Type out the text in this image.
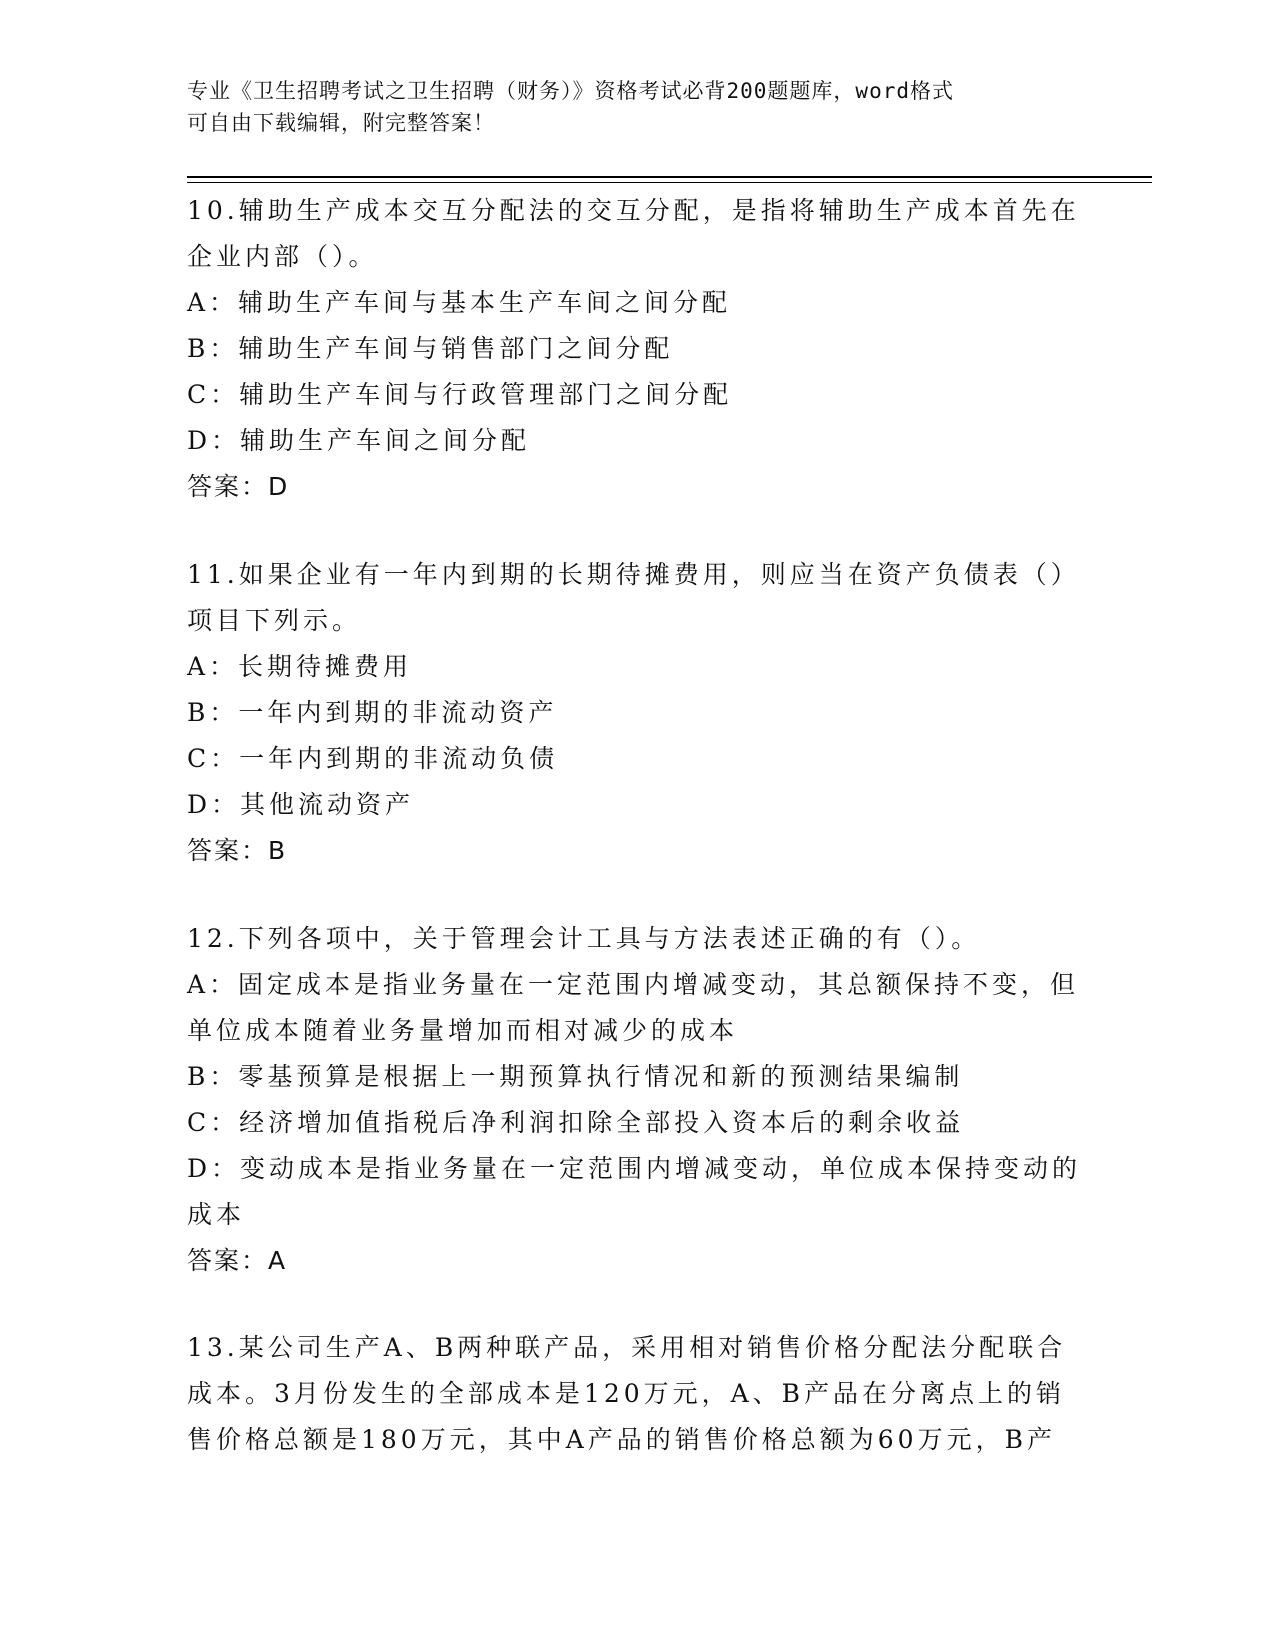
专业《卫生招聘考试之卫生招聘（财务）》资格考试必背200题题库，word格式
可自由下载编辑，附完整答案！
10.辅助生产成本交互分配法的交互分配，是指将辅助生产成本首先在
企业内部（）。
A：辅助生产车间与基本生产车间之间分配
B：辅助生产车间与销售部门之间分配
C：辅助生产车间与行政管理部门之间分配
D：辅助生产车间之间分配
答案：D
11.如果企业有一年内到期的长期待摊费用，则应当在资产负债表（）
项目下列示。
A：长期待摊费用
B：一年内到期的非流动资产
C：一年内到期的非流动负债
D：其他流动资产
答案：B
12.下列各项中，关于管理会计工具与方法表述正确的有（）。
A：固定成本是指业务量在一定范围内增减变动，其总额保持不变，但
单位成本随着业务量增加而相对减少的成本
B：零基预算是根据上一期预算执行情况和新的预测结果编制
C：经济增加值指税后净利润扣除全部投入资本后的剩余收益
D：变动成本是指业务量在一定范围内增减变动，单位成本保持变动的
成本
答案：A
13.某公司生产A、B两种联产品，采用相对销售价格分配法分配联合
成本。3月份发生的全部成本是120万元，A、B产品在分离点上的销
售价格总额是180万元，其中A产品的销售价格总额为60万元，B产
